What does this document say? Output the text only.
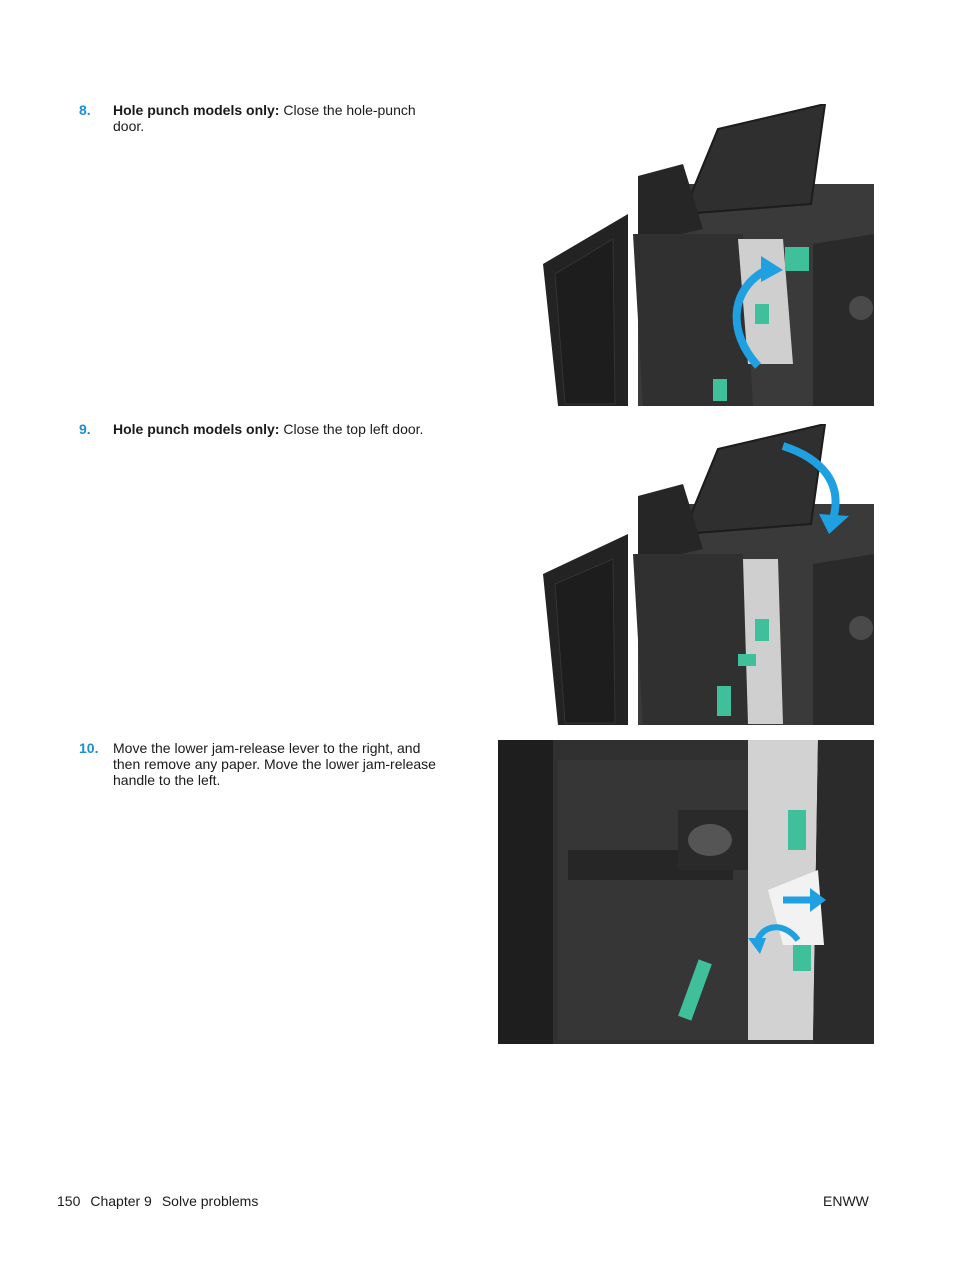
8.	Hole punch models only: Close the hole-punch door.
9.	Hole punch models only: Close the top left door.
10.	Move the lower jam-release lever to the right, and then remove any paper. Move the lower jam-release handle to the left.
150 Chapter 9 Solve problems	ENWW
